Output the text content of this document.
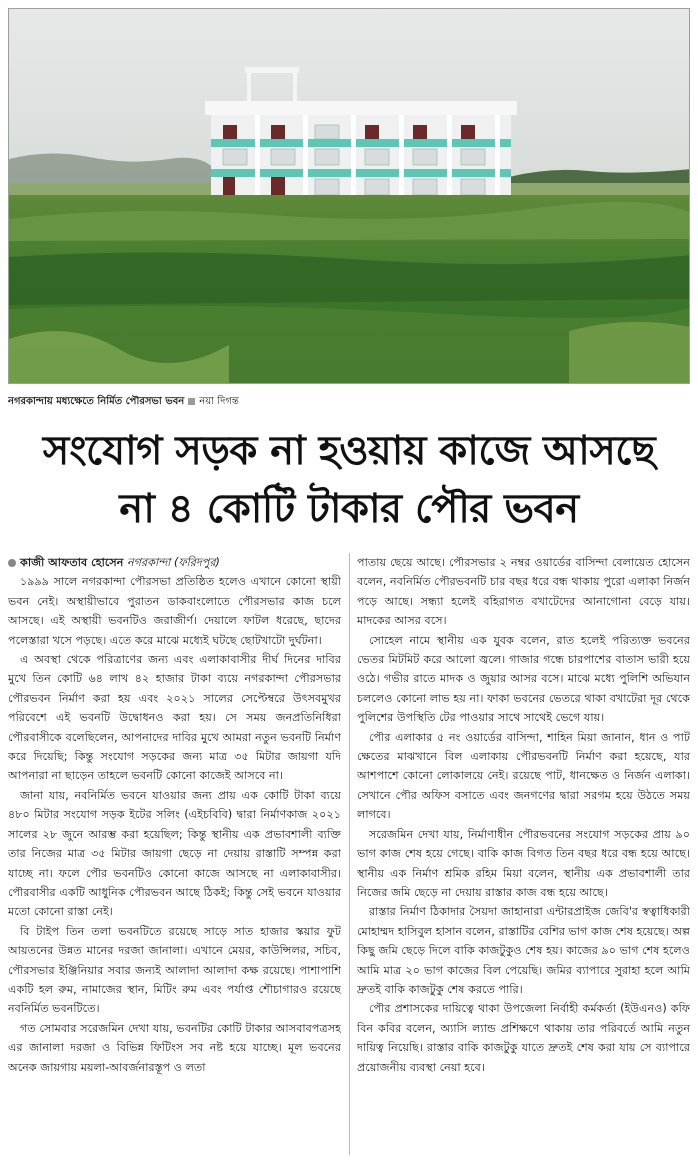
নগরকান্দায় মধ্যক্ষেতে নির্মিত পৌরসভা ভবন নয়া দিগন্ত
সংযোগ সড়ক না হওয়ায় কাজে আসছে
না ৪ কোটি টাকার পৌর ভবন

কাজী আফতাব হোসেন নগরকান্দা (ফরিদপুর)

১৯৯৯ সালে নগরকান্দা পৌরসভা প্রতিষ্ঠিত হলেও এখানে কোনো স্থায়ী ভবন নেই। অস্থায়ীভাবে পুরাতন ডাকবাংলোতে পৌরসভার কাজ চলে আসছে। এই অস্থায়ী ভবনটিও জরাজীর্ণ। দেয়ালে ফাটল ধরেছে, ছাদের পলেস্তারা খসে পড়ছে। এতে করে মাঝে মধ্যেই ঘটছে ছোটখাটো দুর্ঘটনা।

এ অবস্থা থেকে পরিত্রাণের জন্য এবং এলাকাবাসীর দীর্ঘ দিনের দাবির মুখে তিন কোটি ৬৪ লাখ ৪২ হাজার টাকা ব্যয়ে নগরকান্দা পৌরসভার পৌরভবন নির্মাণ করা হয় এবং ২০২১ সালের সেপ্টেম্বরে উৎসবমুখর পরিবেশে এই ভবনটি উদ্বোধনও করা হয়। সে সময় জনপ্রতিনিধিরা পৌরবাসীকে বলেছিলেন, আপনাদের দাবির মুখে আমরা নতুন ভবনটি নির্মাণ করে দিয়েছি; কিন্তু সংযোগ সড়কের জন্য মাত্র ৩৫ মিটার জায়গা যদি আপনারা না ছাড়েন তাহলে ভবনটি কোনো কাজেই আসবে না।

জানা যায়, নবনির্মিত ভবনে যাওয়ার জন্য প্রায় এক কোটি টাকা ব্যয়ে ৪৮০ মিটার সংযোগ সড়ক ইটের সলিং (এইচবিবি) দ্বারা নির্মাণকাজ ২০২১ সালের ২৮ জুনে আরম্ভ করা হয়েছিল; কিন্তু স্থানীয় এক প্রভাবশালী ব্যক্তি তার নিজের মাত্র ৩৫ মিটার জায়গা ছেড়ে না দেয়ায় রাস্তাটি সম্পন্ন করা যাচ্ছে না। ফলে পৌর ভবনটিও কোনো কাজে আসছে না এলাকাবাসীর। পৌরবাসীর একটি আধুনিক পৌরভবন আছে ঠিকই; কিন্তু সেই ভবনে যাওয়ার মতো কোনো রাস্তা নেই।

বি টাইপ তিন তলা ভবনটিতে রয়েছে সাড়ে সাত হাজার স্কয়ার ফুট আয়তনের উন্নত মানের দরজা জানালা। এখানে মেয়র, কাউন্সিলর, সচিব, পৌরসভার ইঞ্জিনিয়ার সবার জন্যই আলাদা আলাদা কক্ষ রয়েছে। পাশাপাশি একটি হল রুম, নামাজের স্থান, মিটিং রুম এবং পর্যাপ্ত শৌচাগারও রয়েছে নবনির্মিত ভবনটিতে।

গত সোমবার সরেজমিন দেখা যায়, ভবনটির কোটি টাকার আসবাবপত্রসহ এর জানালা দরজা ও বিভিন্ন ফিটিংস সব নষ্ট হয়ে যাচ্ছে। মূল ভবনের অনেক জায়গায় ময়লা-আবর্জনারস্তূপ ও লতা

পাতায় ছেয়ে আছে। পৌরসভার ২ নম্বর ওয়ার্ডের বাসিন্দা বেলায়েত হোসেন বলেন, নবনির্মিত পৌরভবনটি চার বছর ধরে বন্ধ থাকায় পুরো এলাকা নির্জন পড়ে আছে। সন্ধ্যা হলেই বহিরাগত বখাটেদের আনাগোনা বেড়ে যায়। মাদকের আসর বসে।

সোহেল নামে স্থানীয় এক যুবক বলেন, রাত হলেই পরিত্যক্ত ভবনের ভেতর মিটমিট করে আলো জ্বলে। গাজার গন্ধে চারপাশের বাতাস ভারী হয়ে ওঠে। গভীর রাতে মাদক ও জুয়ার আসর বসে। মাঝে মধ্যে পুলিশি অভিযান চললেও কোনো লাভ হয় না। ফাকা ভবনের ভেতরে থাকা বখাটেরা দূর থেকে পুলিশের উপস্থিতি টের পাওয়ার সাথে সাথেই ভেগে যায়।

পৌর এলাকার ৫ নং ওয়ার্ডের বাসিন্দা, শাহিন মিয়া জানান, ধান ও পাট ক্ষেতের মাঝখানে বিল এলাকায় পৌরভবনটি নির্মাণ করা হয়েছে, যার আশপাশে কোনো লোকালয়ে নেই। রয়েছে পাট, ধানক্ষেত ও নির্জন এলাকা। সেখানে পৌর অফিস বসাতে এবং জনগণের দ্বারা সরগম হয়ে উঠতে সময় লাগবে।

সরেজমিন দেখা যায়, নির্মাণাধীন পৌরভবনের সংযোগ সড়কের প্রায় ৯০ ভাগ কাজ শেষ হয়ে গেছে। বাকি কাজ বিগত তিন বছর ধরে বন্ধ হয়ে আছে। স্থানীয় এক নির্মাণ শ্রমিক রহিম মিয়া বলেন, স্থানীয় এক প্রভাবশালী তার নিজের জমি ছেড়ে না দেয়ায় রাস্তার কাজ বন্ধ হয়ে আছে।

রাস্তার নির্মাণ ঠিকাদার সৈয়দা জাহানারা এন্টারপ্রাইজ জেবি'র স্বত্বাধিকারী মোহাম্মদ হাসিবুল হাসান বলেন, রাস্তাটির বেশির ভাগ কাজ শেষ হয়েছে। অল্প কিছু জমি ছেড়ে দিলে বাকি কাজটুকুও শেষ হয়। কাজের ৯০ ভাগ শেষ হলেও আমি মাত্র ২০ ভাগ কাজের বিল পেয়েছি। জমির ব্যাপারে সুরাহা হলে আমি দ্রুতই বাকি কাজটুকু শেষ করতে পারি।

পৌর প্রশাসকের দায়িত্বে থাকা উপজেলা নির্বাহী কর্মকর্তা (ইউএনও) কফি বিন কবির বলেন, অ্যাসি ল্যান্ড প্রশিক্ষণে থাকায় তার পরিবর্তে আমি নতুন দায়িত্ব নিয়েছি। রাস্তার বাকি কাজটুকু যাতে দ্রুতই শেষ করা যায় সে ব্যাপারে প্রয়োজনীয় ব্যবস্থা নেয়া হবে।
